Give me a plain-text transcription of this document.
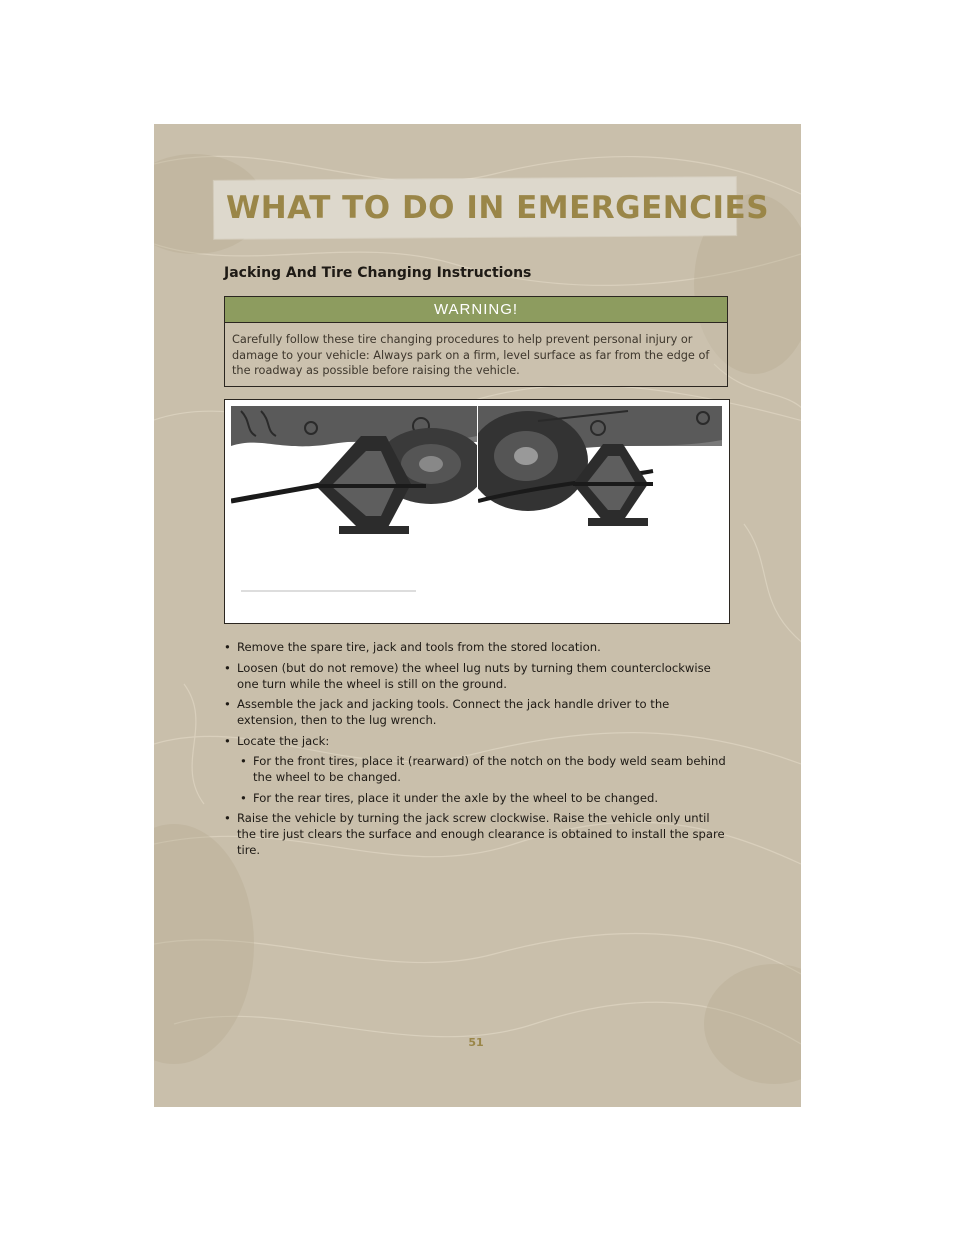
WHAT TO DO IN EMERGENCIES
Jacking And Tire Changing Instructions
WARNING!
Carefully follow these tire changing procedures to help prevent personal injury or damage to your vehicle: Always park on a firm, level surface as far from the edge of the roadway as possible before raising the vehicle.
• Remove the spare tire, jack and tools from the stored location.
• Loosen (but do not remove) the wheel lug nuts by turning them counterclockwise one turn while the wheel is still on the ground.
• Assemble the jack and jacking tools. Connect the jack handle driver to the extension, then to the lug wrench.
• Locate the jack:
• For the front tires, place it (rearward) of the notch on the body weld seam behind the wheel to be changed.
• For the rear tires, place it under the axle by the wheel to be changed.
• Raise the vehicle by turning the jack screw clockwise. Raise the vehicle only until the tire just clears the surface and enough clearance is obtained to install the spare tire.
51
